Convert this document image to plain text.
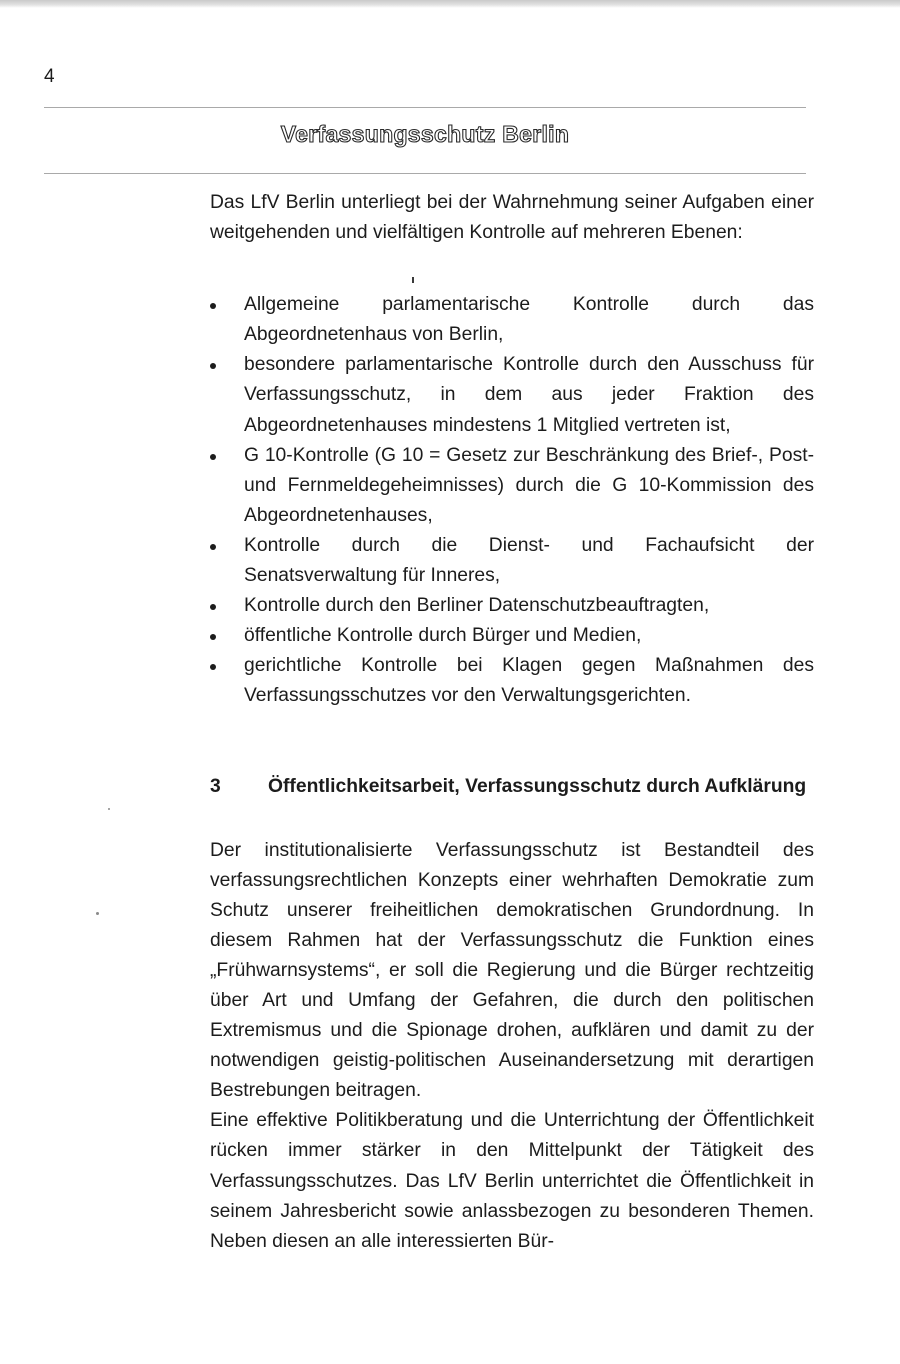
4
Verfassungsschutz Berlin

Das LfV Berlin unterliegt bei der Wahrnehmung seiner Aufgaben einer weitgehenden und vielfältigen Kontrolle auf mehreren Ebenen:

Allgemeine parlamentarische Kontrolle durch das Abgeordnetenhaus von Berlin,
besondere parlamentarische Kontrolle durch den Ausschuss für Verfassungsschutz, in dem aus jeder Fraktion des Abgeordnetenhauses mindestens 1 Mitglied vertreten ist,
G 10-Kontrolle (G 10 = Gesetz zur Beschränkung des Brief-, Post- und Fernmeldegeheimnisses) durch die G 10-Kommission des Abgeordnetenhauses,
Kontrolle durch die Dienst- und Fachaufsicht der Senatsverwaltung für Inneres,
Kontrolle durch den Berliner Datenschutzbeauftragten,
öffentliche Kontrolle durch Bürger und Medien,
gerichtliche Kontrolle bei Klagen gegen Maßnahmen des Verfassungsschutzes vor den Verwaltungsgerichten.
3 Öffentlichkeitsarbeit, Verfassungsschutz durch Aufklärung

Der institutionalisierte Verfassungsschutz ist Bestandteil des verfassungsrechtlichen Konzepts einer wehrhaften Demokratie zum Schutz unserer freiheitlichen demokratischen Grundordnung. In diesem Rahmen hat der Verfassungsschutz die Funktion eines „Frühwarnsystems“, er soll die Regierung und die Bürger rechtzeitig über Art und Umfang der Gefahren, die durch den politischen Extremismus und die Spionage drohen, aufklären und damit zu der notwendigen geistig-politischen Auseinandersetzung mit derartigen Bestrebungen beitragen.

Eine effektive Politikberatung und die Unterrichtung der Öffentlichkeit rücken immer stärker in den Mittelpunkt der Tätigkeit des Verfassungsschutzes. Das LfV Berlin unterrichtet die Öffentlichkeit in seinem Jahresbericht sowie anlassbezogen zu besonderen Themen. Neben diesen an alle interessierten Bür-
